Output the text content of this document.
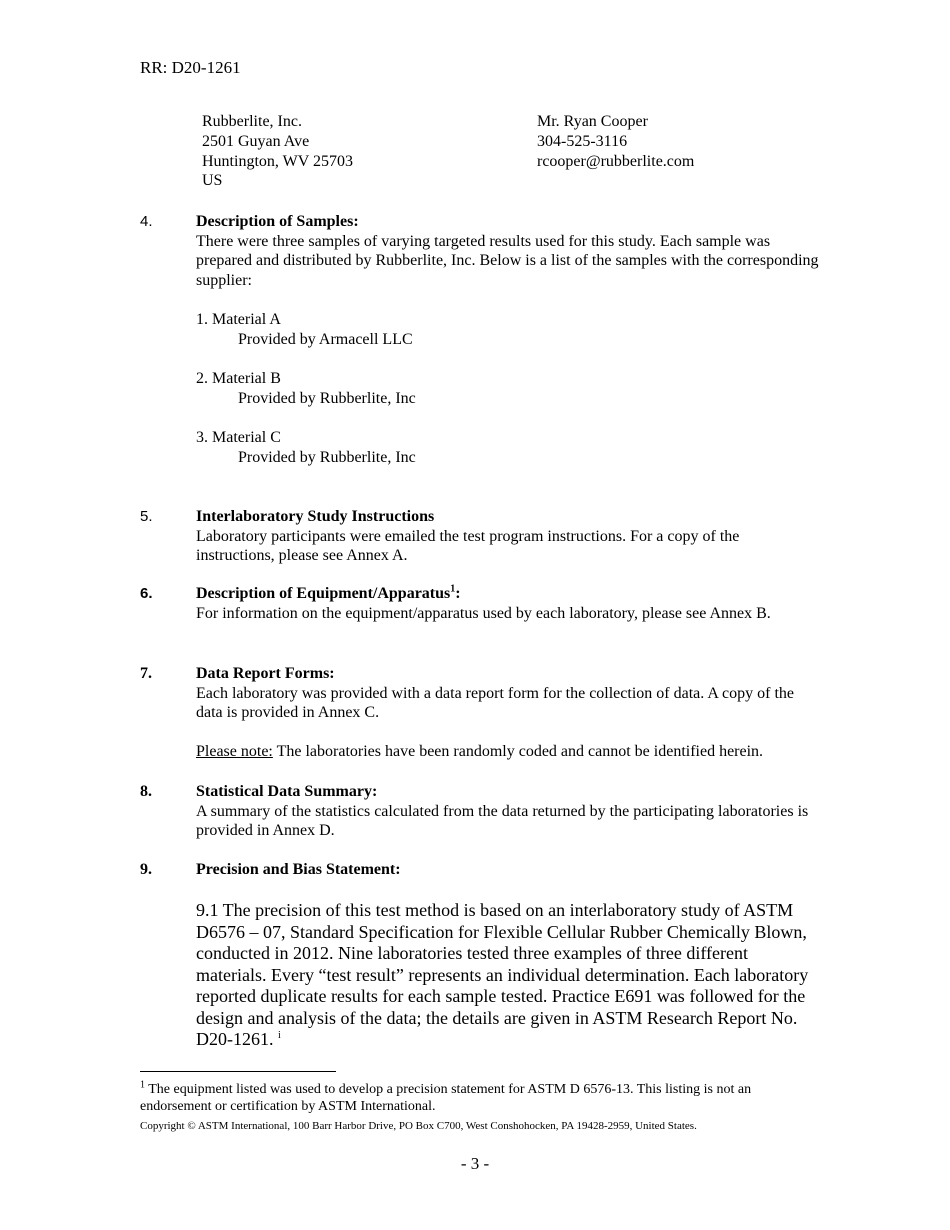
RR: D20-1261
Rubberlite, Inc.
2501 Guyan Ave
Huntington, WV 25703
US
Mr. Ryan Cooper
304-525-3116
rcooper@rubberlite.com
4.	Description of Samples:

There were three samples of varying targeted results used for this study. Each sample was prepared and distributed by Rubberlite, Inc. Below is a list of the samples with the corresponding supplier:

1. Material A
Provided by Armacell LLC
2. Material B
Provided by Rubberlite, Inc
3. Material C
Provided by Rubberlite, Inc
5.	Interlaboratory Study Instructions

Laboratory participants were emailed the test program instructions. For a copy of the instructions, please see Annex A.

6.	Description of Equipment/Apparatus$^1$:

For information on the equipment/apparatus used by each laboratory, please see Annex B.

7.	Data Report Forms:

Each laboratory was provided with a data report form for the collection of data. A copy of the data is provided in Annex C.

Please note: The laboratories have been randomly coded and cannot be identified herein.

8.	Statistical Data Summary:

A summary of the statistics calculated from the data returned by the participating laboratories is provided in Annex D.

9.	Precision and Bias Statement:
9.1 The precision of this test method is based on an interlaboratory study of ASTM D6576 – 07, Standard Specification for Flexible Cellular Rubber Chemically Blown, conducted in 2012. Nine laboratories tested three examples of three different materials. Every “test result” represents an individual determination. Each laboratory reported duplicate results for each sample tested. Practice E691 was followed for the design and analysis of the data; the details are given in ASTM Research Report No. D20-1261. $^i$
$^1$ The equipment listed was used to develop a precision statement for ASTM D 6576-13. This listing is not an endorsement or certification by ASTM International.
Copyright © ASTM International, 100 Barr Harbor Drive, PO Box C700, West Conshohocken, PA 19428-2959, United States.
- 3 -
